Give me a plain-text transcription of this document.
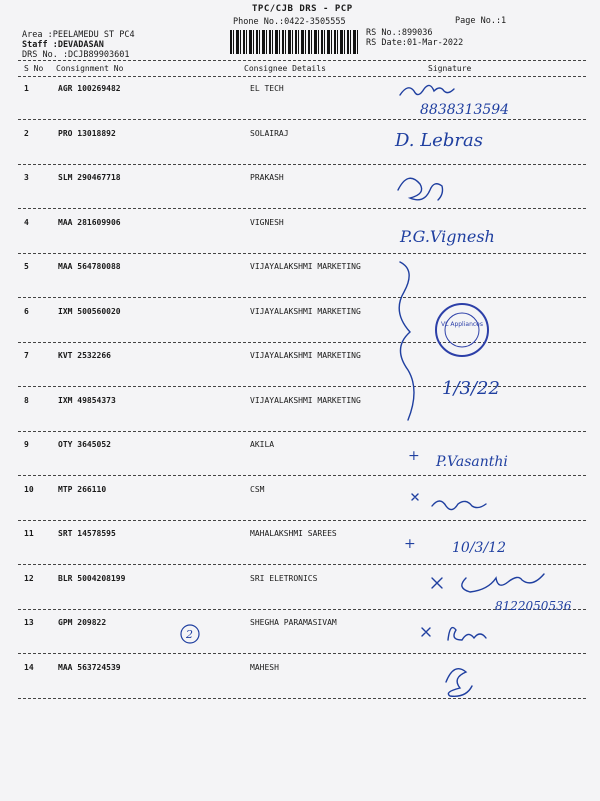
TPC/CJB DRS - PCP
Phone No.:0422-3505555	Page No.:1
Area :PEELAMEDU ST PC4
Staff :DEVADASAN
DRS No. :DCJB89903601
RS No.:899036
RS Date:01-Mar-2022
S No Consignment No	Consignee Details	Signature
1	AGR 100269482	EL TECH
2	PRO 13018892	SOLAIRAJ
3	SLM 290467718	PRAKASH
4	MAA 281609906	VIGNESH
5	MAA 564780088	VIJAYALAKSHMI MARKETING
6	IXM 500560020	VIJAYALAKSHMI MARKETING
7	KVT 2532266	VIJAYALAKSHMI MARKETING
8	IXM 49854373	VIJAYALAKSHMI MARKETING
9	OTY 3645052	AKILA
10	MTP 266110	CSM
11	SRT 14578595	MAHALAKSHMI SAREES
12	BLR 5004208199	SRI ELETRONICS
13	GPM 209822	SHEGHA PARAMASIVAM
14	MAA 563724539	MAHESH
8838313594
D. Lebras
P.G.Vignesh
VL Appliances
1/3/22
+ P.Vasanthi
+	10/3/12
8122050536
2
